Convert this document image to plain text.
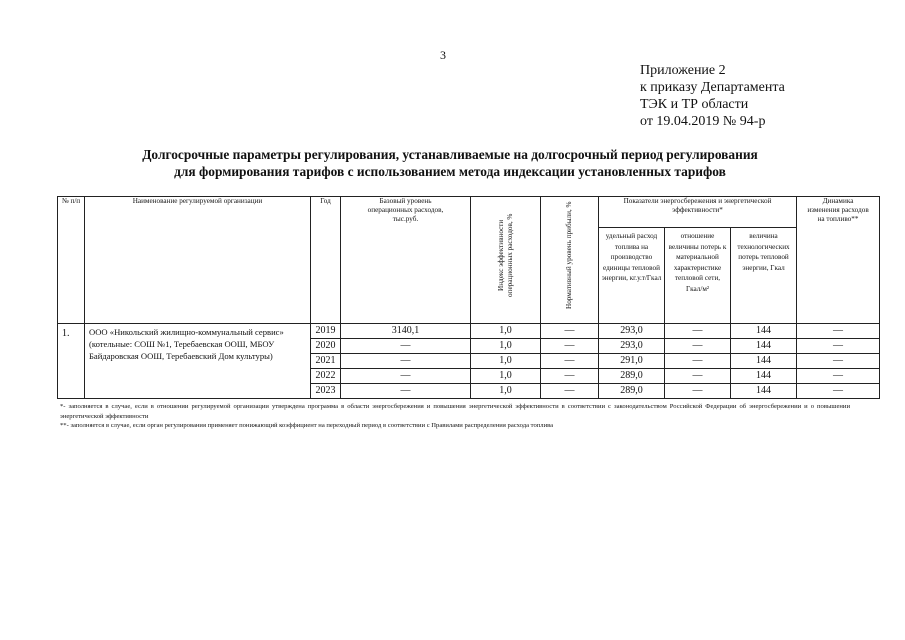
3
Приложение 2
к приказу Департамента
ТЭК и ТР области
от 19.04.2019 № 94-р
Долгосрочные параметры регулирования, устанавливаемые на долгосрочный период регулирования
для формирования тарифов с использованием метода индексации установленных тарифов
№ п/п	Наименование регулируемой организации	Год	Базовый уровень операционных расходов, тыс.руб.	Индекс эффективности операционных расходов, %	Нормативный уровень прибыли, %	Показатели энергосбережения и энергетической эффективности*			Динамика изменения расходов на топливо**

						удельный расход топлива на производство единицы тепловой энергии, кг.у.т/Гкал	отношение величины потерь к материальной характеристике тепловой сети, Гкал/м²	величина технологических потерь тепловой энергии, Гкал	
1.	ООО «Никольский жилищно-коммунальный сервис» (котельные: СОШ №1, Теребаевская ООШ, МБОУ Байдаровская ООШ, Теребаевский Дом культуры)	2019	3140,1	1,0	—	293,0	—	144	—
		2020	—	1,0	—	293,0	—	144	—
		2021	—	1,0	—	291,0	—	144	—
		2022	—	1,0	—	289,0	—	144	—
		2023	—	1,0	—	289,0	—	144	—
*- заполняется в случае, если в отношении регулируемой организации утверждена программа в области энергосбережения и повышения энергетической эффективности в соответствии с законодательством Российской Федерации об энергосбережении и о повышении энергетической эффективности
**- заполняется в случае, если орган регулирования применяет понижающий коэффициент на переходный период в соответствии с Правилами распределения расхода топлива
